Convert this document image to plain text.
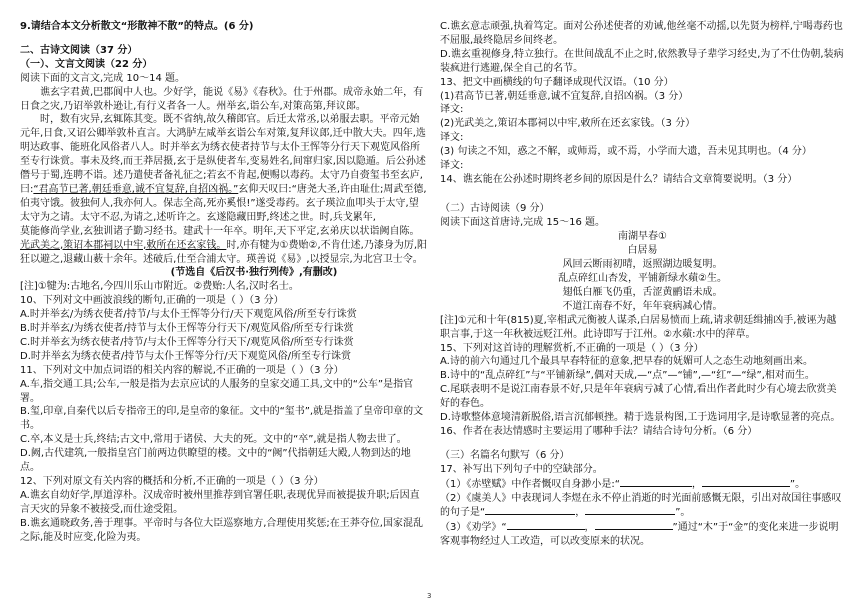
9.请结合本文分析散文“形散神不散”的特点。(6 分)

二、古诗文阅读（37 分）

（一）、文言文阅读（22 分）

阅读下面的文言文,完成 10～14 题。

谯玄字君黄,巴郡阆中人也。少好学，能说《易》《春秋》。仕于州郡。成帝永始二年，有日食之灾,乃诏举敦朴逊让,有行义者各一人。州举玄,诣公车,对策高第,拜议郎。

时，数有灾异,玄辄陈其变。既不省纳,故久稽郎官。后迁太常丞,以弟服去职。平帝元始元年,日食,又诏公卿举敦朴直言。大鸿胪左咸举玄诣公车对策,复拜议郎,迁中散大夫。四年,选明达政事、能班化风俗者八人。时并举玄为绣衣使者持节与太仆王恽等分行天下观览风俗所至专行诛赏。事未及终,而王莽居摄,玄于是纵使者车,变易姓名,间窜归家,因以隐遁。后公孙述僭号于蜀,连聘不诣。述乃遣使者备礼征之;若玄不肯起,便赐以毒药。太守乃自赍玺书至玄庐,曰:“君高节已著,朝廷垂意,诚不宜复辞,自招凶祸。”玄仰天叹曰:“唐尧大圣,许由耻仕;周武至德,伯夷守饿。彼独何人,我亦何人。保志全高,死亦奚恨!”遂受毒药。玄子瑛泣血叩头于太守,望太守为之请。太守不忍,为请之,述听许之。玄遂隐藏田野,终述之世。时,兵戈累年,

莫能修尚学业,玄独训诸子勤习经书。建武十一年卒。明年,天下平定,玄弟庆以状诣阙自陈。光武美之,策诏本郡祠以中牢,敕所在还玄家钱。时,亦有犍为①费贻②,不肯仕述,乃漆身为厉,阳狂以避之,退藏山薮十余年。述破后,仕至合浦太守。瑛善说《易》,以授显宗,为北宫卫士令。

(节选自《后汉书·独行列传》,有删改)

[注]①犍为:古地名,今四川乐山市附近。②费贻:人名,汉时名士。

10、下列对文中画波浪线的断句,正确的一项是（ ）（3 分）

A.时并举玄/为绣衣使者/持节/与太仆王恽等分行/天下观览风俗/所至专行诛赏

B.时并举玄/为绣衣使者/持节与太仆王恽等分行天下/观览风俗/所至专行诛赏

C.时并举玄为绣衣使者/持节/与太仆王恽等分行天下/观览风俗/所至专行诛赏

D.时并举玄为绣衣使者/持节与太仆王恽等分行/天下观览风俗/所至专行诛赏

11、下列对文中加点词语的相关内容的解说,不正确的一项是（ ）（3 分）

A.车,指交通工具;公车,一般是指为去京应试的人服务的皇家交通工具,文中的“公车”是指官署。

B.玺,印章,自秦代以后专指帝王的印,是皇帝的象征。文中的“玺书”,就是指盖了皇帝印章的文书。

C.卒,本义是士兵,终结;古文中,常用于诸侯、大夫的死。文中的“卒”,就是指人物去世了。

D.阙,古代建筑,一般指皇宫门前两边供瞭望的楼。文中的“阙”代指朝廷大殿,人物到达的地点。

12、下列对原文有关内容的概括和分析,不正确的一项是（ ）（3 分）

A.谯玄自幼好学,厚道淳朴。汉成帝时被州里推荐到官署任职,表现优异而被提拔升职;后因直言天灾的异象不被接受,而仕途受阻。

B.谯玄通晓政务,善于理事。平帝时与各位大臣巡察地方,合理使用奖惩;在王莽夺位,国家混乱之际,能及时应变,化险为夷。

C.谯玄意志顽强,执着笃定。面对公孙述使者的劝诫,他丝毫不动摇,以先贤为榜样,宁喝毒药也不屈服,最终隐居乡间终老。

D.谯玄重视修身,特立独行。在世间战乱不止之时,依然教导子辈学习经史,为了不仕伪朝,装病装疯进行逃避,保全自己的名节。

13、把文中画横线的句子翻译成现代汉语。（10 分）

(1)君高节已著,朝廷垂意,诚不宜复辞,自招凶祸。（3 分）

译文:

(2)光武美之,策诏本郡祠以中牢,敕所在还玄家钱。（3 分）

译文:

(3) 句读之不知，惑之不解，或师焉，或不焉，小学而大遗，吾未见其明也。（4 分）

译文:

14、谯玄能在公孙述时期终老乡间的原因是什么？请结合文章简要说明。（3 分）

（二）古诗阅读（9 分）

阅读下面这首唐诗,完成 15～16 题。

南湖早春①
白居易
风回云断雨初晴，返照湖边暖复明。
乱点碎红山杏发，平铺新绿水蘋②生。
翅低白雁飞仍重，舌涩黄鹂语未成。
不道江南春不好，年年衰病减心情。

[注]①元和十年(815)夏,宰相武元衡被人谋杀,白居易愤而上疏,请求朝廷缉捕凶手,被诬为越职言事,于这一年秋被远贬江州。此诗即写于江州。②水蘋:水中的萍草。

15、下列对这首诗的理解赏析,不正确的一项是（ ）（3 分）

A.诗的前六句通过几个最具早春特征的意象,把早春的妩媚可人之态生动地刻画出来。

B.诗中的“乱点碎红”与“平铺新绿”,偶对天成,—“点”—“铺”,—“红”—“绿”,相对而生。

C.尾联表明不是说江南春景不好,只是年年衰病亏减了心情,看出作者此时少有心境去欣赏美好的春色。

D.诗歌整体意境清新脱俗,语言沉郁顿挫。精于选景构图,工于选词用字,是诗歌显著的亮点。

16、作者在表达情感时主要运用了哪种手法？请结合诗句分析。（6 分）

（三）名篇名句默写（6 分）

17、补写出下列句子中的空缺部分。

（1）《赤壁赋》中作者慨叹自身渺小是:“	，	”。

（2）《虞美人》中表现词人李煜在永不停止消逝的时光面前感慨无限，引出对故国往事感叹的句子是“	，	”。

（3）《劝学》“	，	”通过“木”于“金”的变化来进一步说明客观事物经过人工改造，可以改变原来的状况。

3
